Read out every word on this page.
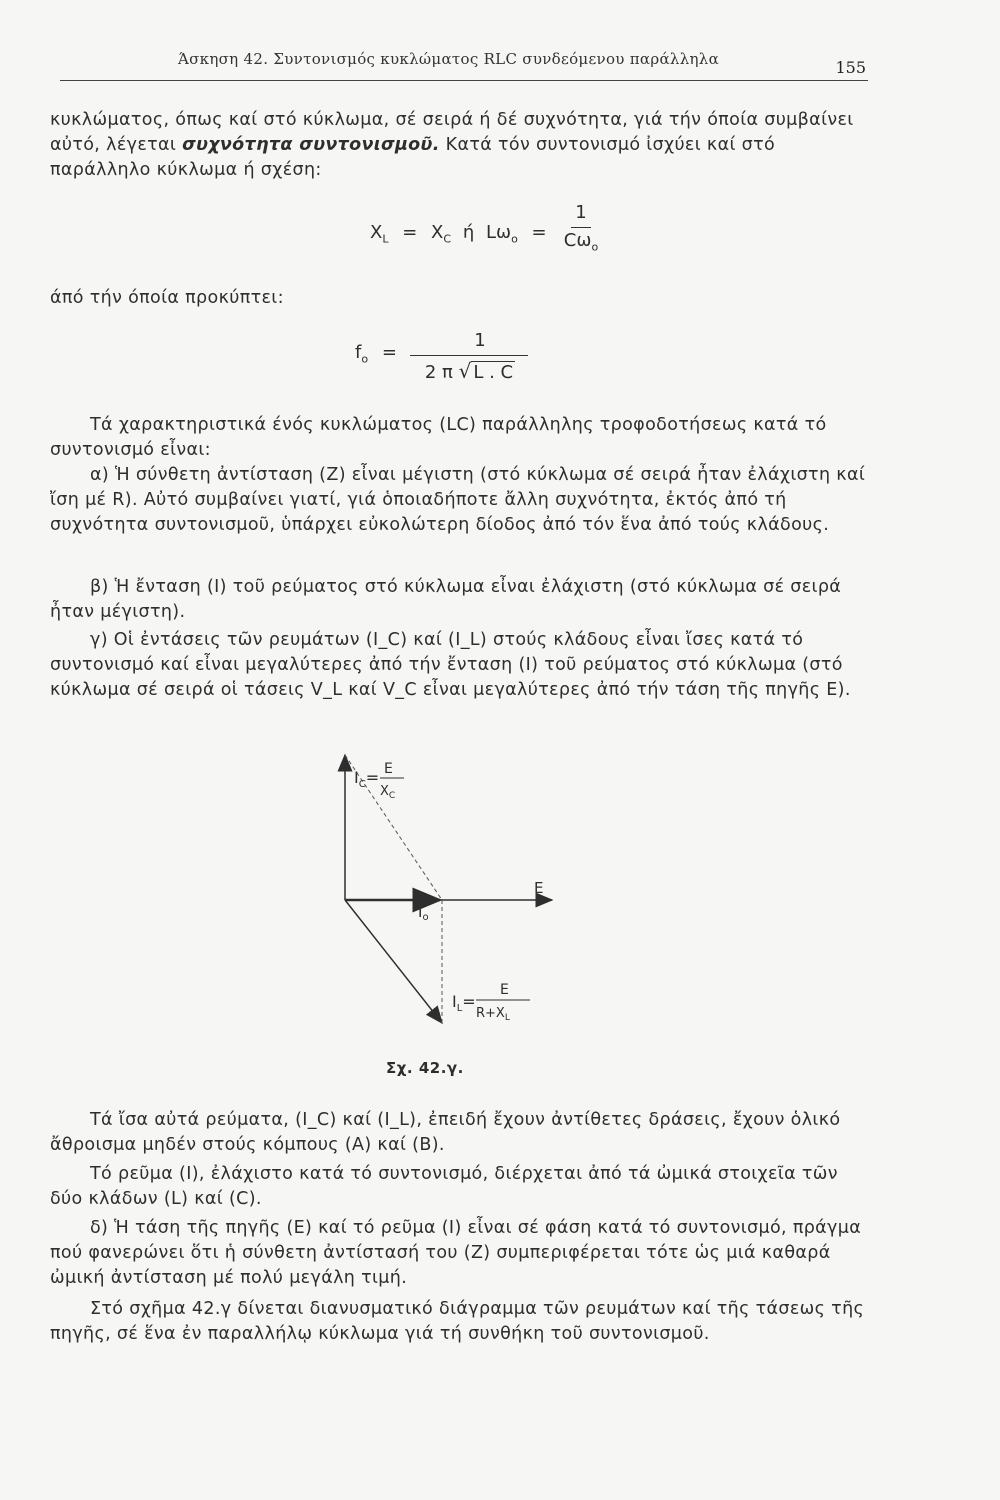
Άσκηση 42. Συντονισμός κυκλώματος RLC συνδεόμενου παράλληλα	155
κυκλώματος, όπως καί στό κύκλωμα, σέ σειρά ή δέ συχνότητα, γιά τήν όποία συμβαίνει αὐτό, λέγεται συχνότητα συντονισμοῦ. Κατά τόν συντονισμό ἰσχύει καί στό παράλληλο κύκλωμα ή σχέση:
$X_L = X_C$ ή $L\omega_o$ =
1
$C\omega_o$
άπό τήν όποία προκύπτει:
$f_o$ =
1
2 π √ L . C
Τά χαρακτηριστικά ένός κυκλώματος (LC) παράλληλης τροφοδοτήσεως κατά τό συντονισμό εἶναι:
α) Ἡ σύνθετη ἀντίσταση (Z) εἶναι μέγιστη (στό κύκλωμα σέ σειρά ἦταν ἐλάχιστη καί ἴση μέ R). Αὐτό συμβαίνει γιατί, γιά ὁποιαδήποτε ἄλλη συχνότητα, ἐκτός ἀπό τή συχνότητα συντονισμοῦ, ὑπάρχει εὐκολώτερη δίοδος ἀπό τόν ἕνα ἀπό τούς κλάδους.
β) Ἡ ἔνταση (I) τοῦ ρεύματος στό κύκλωμα εἶναι ἐλάχιστη (στό κύκλωμα σέ σειρά ἦταν μέγιστη).
γ) Οἱ ἐντάσεις τῶν ρευμάτων (I_C) καί (I_L) στούς κλάδους εἶναι ἴσες κατά τό συντονισμό καί εἶναι μεγαλύτερες ἀπό τήν ἔνταση (I) τοῦ ρεύματος στό κύκλωμα (στό κύκλωμα σέ σειρά οἱ τάσεις V_L καί V_C εἶναι μεγαλύτερες ἀπό τήν τάση τῆς πηγῆς E).
$I_C= E$
$X_C$
E
$I_o$
$I_L=$
E
$R+X_L$
Σχ. 42.γ.
Τά ἴσα αὐτά ρεύματα, (I_C) καί (I_L), ἐπειδή ἔχουν ἀντίθετες δράσεις, ἔχουν ὁλικό ἄθροισμα μηδέν στούς κόμπους (A) καί (B).
Τό ρεῦμα (I), ἐλάχιστο κατά τό συντονισμό, διέρχεται ἀπό τά ὠμικά στοιχεῖα τῶν δύο κλάδων (L) καί (C).
δ) Ἡ τάση τῆς πηγῆς (E) καί τό ρεῦμα (I) εἶναι σέ φάση κατά τό συντονισμό, πράγμα πού φανερώνει ὅτι ἡ σύνθετη ἀντίστασή του (Z) συμπεριφέρεται τότε ὡς μιά καθαρά ὠμική ἀντίσταση μέ πολύ μεγάλη τιμή.
Στό σχῆμα 42.γ δίνεται διανυσματικό διάγραμμα τῶν ρευμάτων καί τῆς τάσεως τῆς πηγῆς, σέ ἕνα ἐν παραλλήλῳ κύκλωμα γιά τή συνθήκη τοῦ συντονισμοῦ.
